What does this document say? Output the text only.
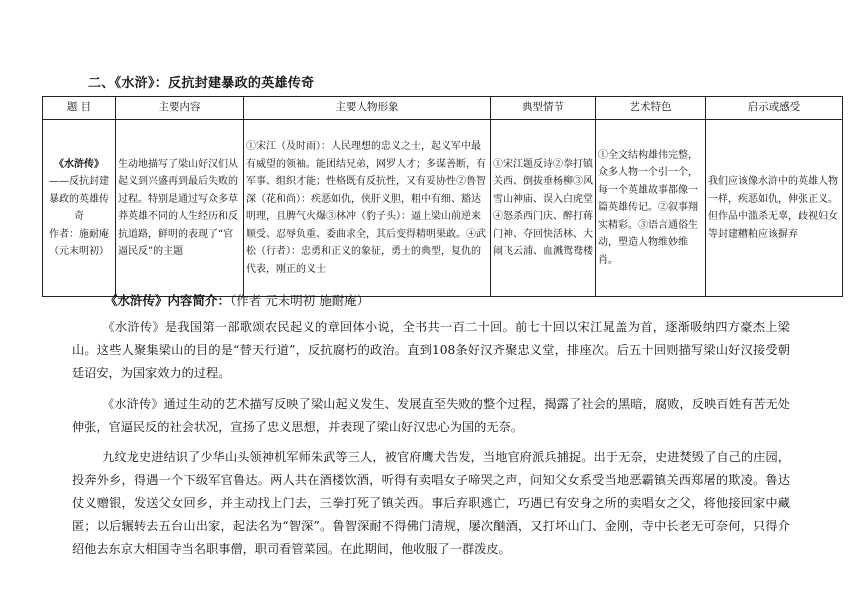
二、《水浒》：反抗封建暴政的英雄传奇
题 目	主要内容	主要人物形象	典型情节	艺术特色	启示或感受
《水浒传》——反抗封建暴政的英雄传奇
作者：施耐庵
（元末明初）	生动地描写了梁山好汉们从起义到兴盛再到最后失败的过程。特别是通过写众多草莽英雄不同的人生经历和反抗道路，鲜明的表现了“官逼民反”的主题	①宋江（及时雨）：人民理想的忠义之士，起义军中最有威望的领袖。能团结兄弟，网罗人才；多谋善断，有军事、组织才能；性格既有反抗性，又有妥协性②鲁智深（花和尚）：疾恶如仇，侠肝义胆，粗中有细、豁达明理，且脾气火爆③林冲（豹子头）：逼上梁山前逆来顺受、忍辱负重、委曲求全，其后变得精明果敢。④武松（行者）：忠勇和正义的象征，勇士的典型，复仇的代表，刚正的义士	①宋江题反诗②拳打镇关西、倒拔垂杨柳③风雪山神庙、误入白虎堂④怒杀西门庆、醉打蒋门神、夺回快活林、大闹飞云浦、血溅鸳鸯楼	①全文结构雄伟完整，众多人物一个引一个，每一个英雄故事都像一篇英雄传记。②叙事翔实精彩。③语言通俗生动，塑造人物维妙维肖。	我们应该像水浒中的英雄人物一样，疾恶如仇，伸张正义。但作品中滥杀无辜，歧视妇女等封建糟粕应该摒弃
《水浒传》内容简介：（作者 元末明初 施耐庵）
《水浒传》是我国第一部歌颂农民起义的章回体小说，全书共一百二十回。前七十回以宋江晁盖为首，逐渐吸纳四方豪杰上梁山。这些人聚集梁山的目的是“替天行道”，反抗腐朽的政治。直到108条好汉齐聚忠义堂，排座次。后五十回则描写梁山好汉接受朝廷诏安，为国家效力的过程。
《水浒传》通过生动的艺术描写反映了梁山起义发生、发展直至失败的整个过程，揭露了社会的黑暗，腐败，反映百姓有苦无处伸张，官逼民反的社会状况，宣扬了忠义思想，并表现了梁山好汉忠心为国的无奈。
九纹龙史进结识了少华山头领神机军师朱武等三人，被官府鹰犬告发，当地官府派兵捕捉。出于无奈，史进焚毁了自己的庄园，投奔外乡，得遇一个下级军官鲁达。两人共在酒楼饮酒，听得有卖唱女子啼哭之声，问知父女系受当地恶霸镇关西郑屠的欺凌。鲁达仗义赠银，发送父女回乡，并主动找上门去，三拳打死了镇关西。事后弃职逃亡，巧遇已有安身之所的卖唱女之父，将他接回家中藏匿；以后辗转去五台山出家，起法名为“智深”。鲁智深耐不得佛门清规，屡次酗酒，又打坏山门、金刚，寺中长老无可奈何，只得介绍他去东京大相国寺当名职事僧，职司看管菜园。在此期间，他收服了一群泼皮。
